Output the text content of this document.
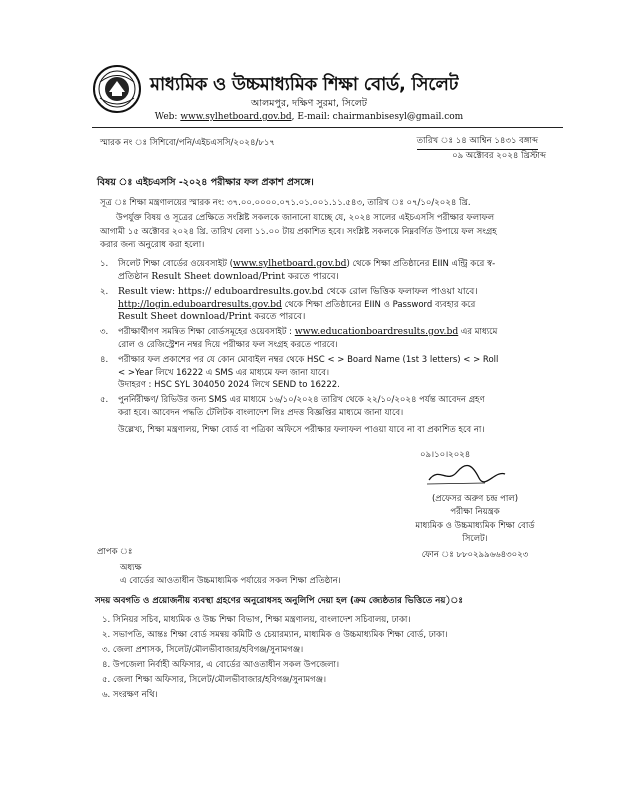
মাধ্যমিক ও উচ্চমাধ্যমিক শিক্ষা বোর্ড, সিলেট
আলমপুর, দক্ষিণ সুরমা, সিলেট
Web: www.sylhetboard.gov.bd, E-mail: chairmanbisesyl@gmail.com
স্মারক নং ঃ সিশিবো/পনি/এইচএসসি/২০২৪/৮১৭	তারিখ ঃ ১৪ আশ্বিন ১৪৩১ বঙ্গাব্দ
০৯ অক্টোবর ২০২৪ খ্রিস্টাব্দ
বিষয় ঃ এইচএসসি -২০২৪ পরীক্ষার ফল প্রকাশ প্রসঙ্গে।
সূত্র ঃ শিক্ষা মন্ত্রণালয়ের স্মারক নং: ৩৭.০০.০০০০.০৭১.০১.০০১.১১.৫৪৩, তারিখ ঃ ০৭/১০/২০২৪ খ্রি.
উপর্যুক্ত বিষয় ও সূত্রের প্রেক্ষিতে সংশ্লিষ্ট সকলকে জানানো যাচ্ছে যে, ২০২৪ সালের এইচএসসি পরীক্ষার ফলাফল
আগামী ১৫ অক্টোবর ২০২৪ খ্রি. তারিখ বেলা ১১.০০ টায় প্রকাশিত হবে। সংশ্লিষ্ট সকলকে নিম্নবর্ণিত উপায়ে ফল সংগ্রহ
করার জন্য অনুরোধ করা হলো।
১. সিলেট শিক্ষা বোর্ডের ওয়েবসাইট (www.sylhetboard.gov.bd) থেকে শিক্ষা প্রতিষ্ঠানের EIIN এন্ট্রি করে স্ব-
প্রতিষ্ঠান Result Sheet download/Print করতে পারবে।
২. Result view: https:// eduboardresults.gov.bd থেকে রোল ভিত্তিক ফলাফল পাওয়া যাবে।
http://login.eduboardresults.gov.bd থেকে শিক্ষা প্রতিষ্ঠানের EIIN ও Password ব্যবহার করে
Result Sheet download/Print করতে পারবে।
৩. পরীক্ষার্থীগণ সমন্বিত শিক্ষা বোর্ডসমূহের ওয়েবসাইট : www.educationboardresults.gov.bd এর মাধ্যমে
রোল ও রেজিস্ট্রেশন নম্বর দিয়ে পরীক্ষার ফল সংগ্রহ করতে পারবে।
৪. পরীক্ষার ফল প্রকাশের পর যে কোন মোবাইল নম্বর থেকে HSC < > Board Name (1st 3 letters) < > Roll
< >Year লিখে 16222 এ SMS এর মাধ্যমে ফল জানা যাবে।
উদাহরণ : HSC SYL 304050 2024 লিখে SEND to 16222.
৫. পুনর্নিরীক্ষণ/ রিভিউর জন্য SMS এর মাধ্যমে ১৬/১০/২০২৪ তারিখ থেকে ২২/১০/২০২৪ পর্যন্ত আবেদন গ্রহণ
করা হবে। আবেদন পদ্ধতি টেলিটক বাংলাদেশ লিঃ প্রদত্ত বিজ্ঞপ্তির মাধ্যমে জানা যাবে।
উল্লেখ্য, শিক্ষা মন্ত্রণালয়, শিক্ষা বোর্ড বা পত্রিকা অফিসে পরীক্ষার ফলাফল পাওয়া যাবে না বা প্রকাশিত হবে না।
০৯।১০।২০২৪
(প্রফেসর অরুণ চন্দ্র পাল)
পরীক্ষা নিয়ন্ত্রক
মাধ্যমিক ও উচ্চমাধ্যমিক শিক্ষা বোর্ড
সিলেট।
ফোন ঃ ৮৮০২৯৯৬৬৪৩০২৩
প্রাপক ঃ
অধ্যক্ষ
এ বোর্ডের আওতাধীন উচ্চমাধ্যমিক পর্যায়ের সকল শিক্ষা প্রতিষ্ঠান।
সদয় অবগতি ও প্রয়োজনীয় ব্যবস্থা গ্রহণের অনুরোধসহ অনুলিপি দেয়া হল (ক্রম জ্যেষ্ঠতার ভিত্তিতে নয়)ঃ
১. সিনিয়র সচিব, মাধ্যমিক ও উচ্চ শিক্ষা বিভাগ, শিক্ষা মন্ত্রণালয়, বাংলাদেশ সচিবালয়, ঢাকা।
২. সভাপতি, আন্তঃ শিক্ষা বোর্ড সমন্বয় কমিটি ও চেয়ারম্যান, মাধ্যমিক ও উচ্চমাধ্যমিক শিক্ষা বোর্ড, ঢাকা।
৩. জেলা প্রশাসক, সিলেট/মৌলভীবাজার/হবিগঞ্জ/সুনামগঞ্জ।
৪. উপজেলা নির্বাহী অফিসার, এ বোর্ডের আওতাধীন সকল উপজেলা।
৫. জেলা শিক্ষা অফিসার, সিলেট/মৌলভীবাজার/হবিগঞ্জ/সুনামগঞ্জ।
৬. সংরক্ষণ নথি।
